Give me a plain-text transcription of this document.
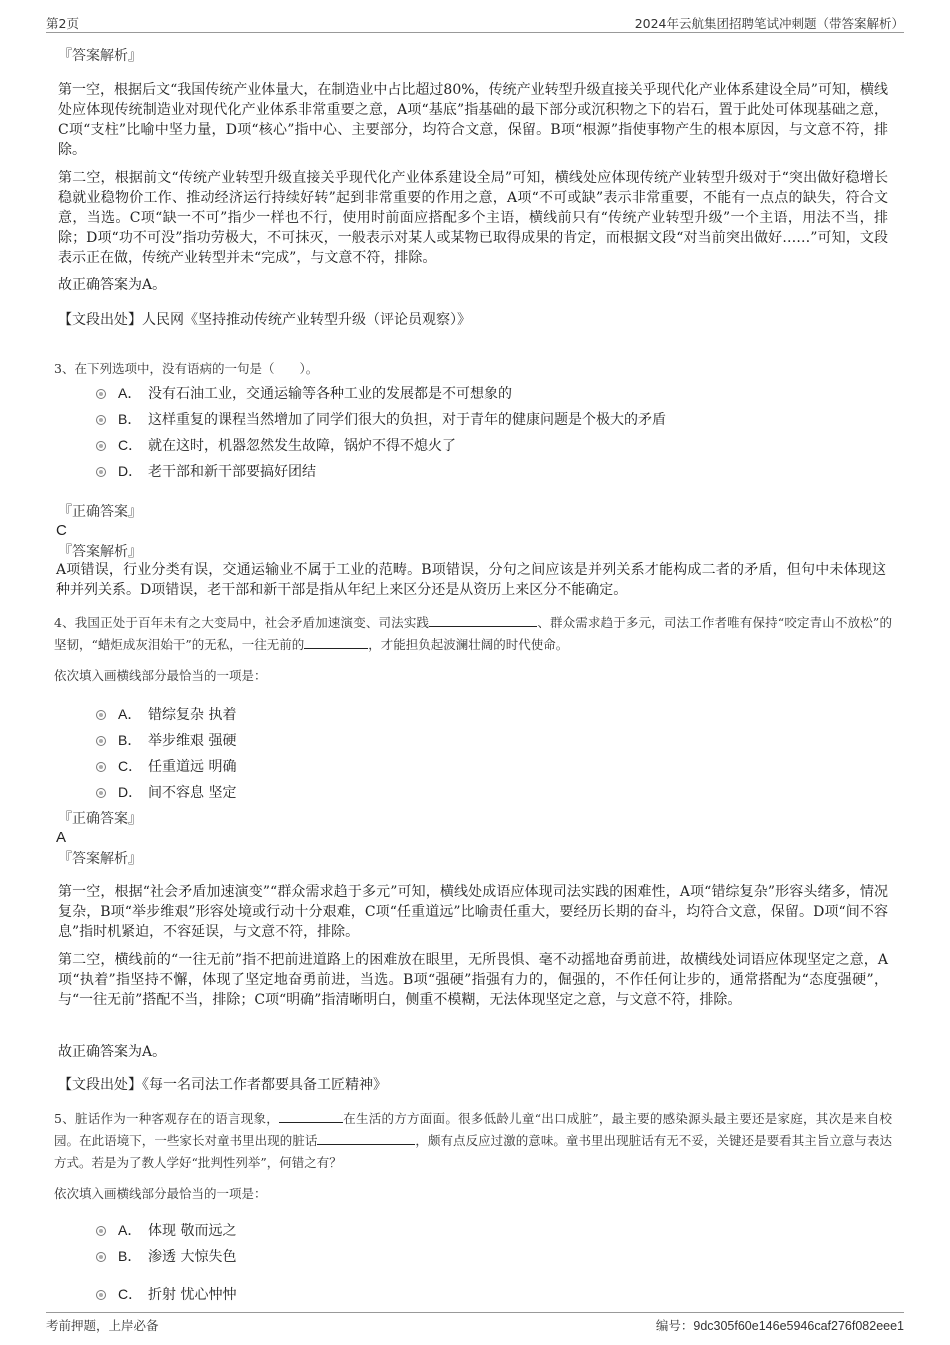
第2页	2024年云航集团招聘笔试冲刺题（带答案解析）
『答案解析』
第一空，根据后文“我国传统产业体量大，在制造业中占比超过80%，传统产业转型升级直接关乎现代化产业体系建设全局”可知，横线处应体现传统制造业对现代化产业体系非常重要之意，A项“基底”指基础的最下部分或沉积物之下的岩石，置于此处可体现基础之意，C项“支柱”比喻中坚力量，D项“核心”指中心、主要部分，均符合文意，保留。B项“根源”指使事物产生的根本原因，与文意不符，排除。
第二空，根据前文“传统产业转型升级直接关乎现代化产业体系建设全局”可知，横线处应体现传统产业转型升级对于“突出做好稳增长稳就业稳物价工作、推动经济运行持续好转”起到非常重要的作用之意，A项“不可或缺”表示非常重要，不能有一点点的缺失，符合文意，当选。C项“缺一不可”指少一样也不行，使用时前面应搭配多个主语，横线前只有“传统产业转型升级”一个主语，用法不当，排除；D项“功不可没”指功劳极大，不可抹灭，一般表示对某人或某物已取得成果的肯定，而根据文段“对当前突出做好……”可知，文段表示正在做，传统产业转型并未“完成”，与文意不符，排除。
故正确答案为A。
【文段出处】人民网《坚持推动传统产业转型升级（评论员观察）》
3、在下列选项中，没有语病的一句是（　　）。
A． 没有石油工业，交通运输等各种工业的发展都是不可想象的
B． 这样重复的课程当然增加了同学们很大的负担，对于青年的健康问题是个极大的矛盾
C． 就在这时，机器忽然发生故障，锅炉不得不熄火了
D． 老干部和新干部要搞好团结
『正确答案』
C
『答案解析』
A项错误，行业分类有误，交通运输业不属于工业的范畴。B项错误，分句之间应该是并列关系才能构成二者的矛盾，但句中未体现这种并列关系。D项错误，老干部和新干部是指从年纪上来区分还是从资历上来区分不能确定。
4、我国正处于百年未有之大变局中，社会矛盾加速演变、司法实践	、群众需求趋于多元，司法工作者唯有保持“咬定青山不放松”的坚韧，“蜡炬成灰泪始干”的无私，一往无前的	，才能担负起波澜壮阔的时代使命。
依次填入画横线部分最恰当的一项是：
A． 错综复杂 执着
B． 举步维艰 强硬
C． 任重道远 明确
D． 间不容息 坚定
『正确答案』
A
『答案解析』
第一空，根据“社会矛盾加速演变”“群众需求趋于多元”可知，横线处成语应体现司法实践的困难性，A项“错综复杂”形容头绪多，情况复杂，B项“举步维艰”形容处境或行动十分艰难，C项“任重道远”比喻责任重大，要经历长期的奋斗，均符合文意，保留。D项“间不容息”指时机紧迫，不容延误，与文意不符，排除。
第二空，横线前的“一往无前”指不把前进道路上的困难放在眼里，无所畏惧、毫不动摇地奋勇前进，故横线处词语应体现坚定之意，A项“执着”指坚持不懈，体现了坚定地奋勇前进，当选。B项“强硬”指强有力的，倔强的，不作任何让步的，通常搭配为“态度强硬”，与“一往无前”搭配不当，排除；C项“明确”指清晰明白，侧重不模糊，无法体现坚定之意，与文意不符，排除。
故正确答案为A。
【文段出处】《每一名司法工作者都要具备工匠精神》
5、脏话作为一种客观存在的语言现象，	在生活的方方面面。很多低龄儿童“出口成脏”，最主要的感染源头最主要还是家庭，其次是来自校园。在此语境下，一些家长对童书里出现的脏话	，颇有点反应过激的意味。童书里出现脏话有无不妥，关键还是要看其主旨立意与表达方式。若是为了教人学好“批判性列举”，何错之有？
依次填入画横线部分最恰当的一项是：
A． 体现 敬而远之
B． 渗透 大惊失色
C． 折射 忧心忡忡
考前押题，上岸必备	编号：9dc305f60e146e5946caf276f082eee1
